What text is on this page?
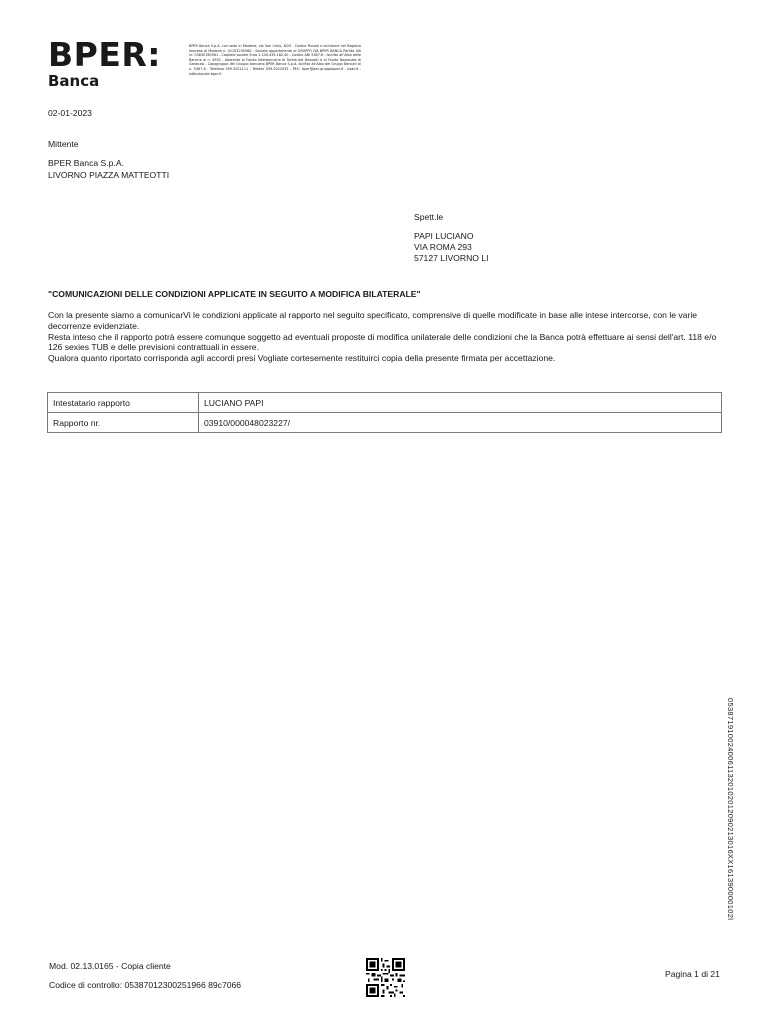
BPER:
Banca
BPER Banca S.p.A. con sede in Modena, via San Carlo, 8/20 - Codice Fiscale e iscrizione nel Registro Imprese di Modena n. 01153230360 - Società appartenente al GRUPPO IVA BPER BANCA Partita IVA nr. 03830780361 - Capitale sociale Euro 2.100.435.182,40 - Codice ABI 5387.6 - Iscritta all'Albo delle Banche al n. 4932 - Aderente al Fondo Interbancario di Tutela dei Depositi e al Fondo Nazionale di Garanzia - Capogruppo del Gruppo bancario BPER Banca S.p.A. iscritto all'Albo dei Gruppi Bancari al n. 5387.6 - Telefono 059.2021111 - Telefax 059.2022033 - PEC: bper@pec.gruppobper.it - bper.it - istituzionale.bper.it
02-01-2023
Mittente
BPER Banca S.p.A.
LIVORNO PIAZZA MATTEOTTI
Spett.le
PAPI LUCIANO
VIA ROMA 293
57127 LIVORNO LI
"COMUNICAZIONI DELLE CONDIZIONI APPLICATE IN SEGUITO A MODIFICA BILATERALE"

Con la presente siamo a comunicarVi le condizioni applicate al rapporto nel seguito specificato, comprensive di quelle modificate in base alle intese intercorse, con le varie decorrenze evidenziate.

Resta inteso che il rapporto potrà essere comunque soggetto ad eventuali proposte di modifica unilaterale delle condizioni che la Banca potrà effettuare ai sensi dell'art. 118 e/o 126 sexies TUB e delle previsioni contrattuali in essere.

Qualora quanto riportato corrisponda agli accordi presi Vogliate cortesemente restituirci copia della presente firmata per accettazione.

Intestatario rapporto	LUCIANO PAPI
Rapporto nr.	03910/000048023227/
05387191002400611320102012090213016XX161390000102l
Mod. 02.13.0165 - Copia cliente
Codice di controllo: 05387012300251966 89c7066
Pagina 1 di 21
